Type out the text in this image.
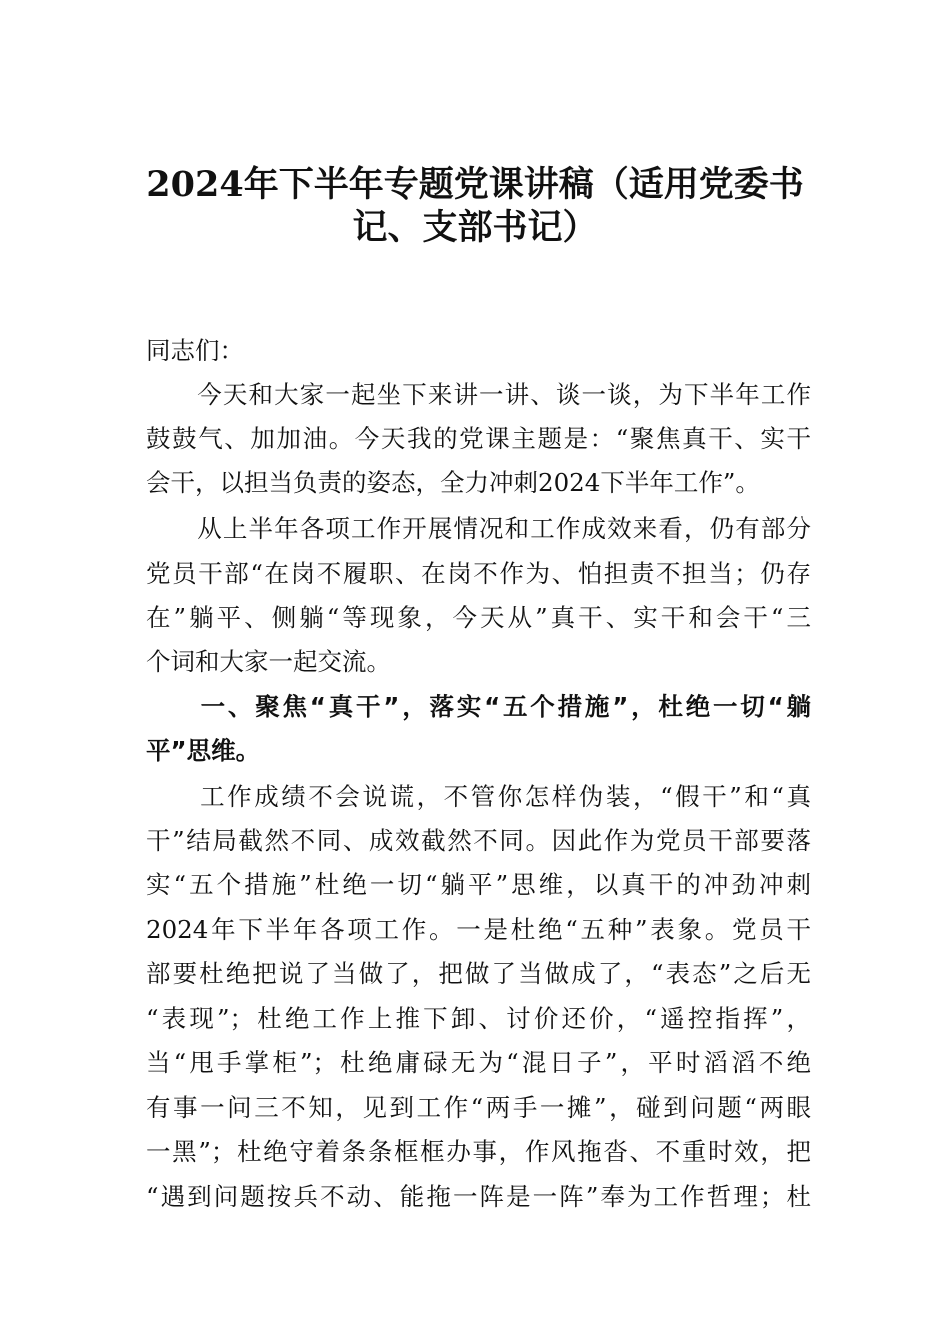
2024年下半年专题党课讲稿（适用党委书
记、支部书记）

同志们：

　　今天和大家一起坐下来讲一讲、谈一谈，为下半年工作

鼓鼓气、加加油。今天我的党课主题是：“聚焦真干、实干

会干，以担当负责的姿态，全力冲刺2024下半年工作”。

　　从上半年各项工作开展情况和工作成效来看，仍有部分

党员干部“在岗不履职、在岗不作为、怕担责不担当；仍存

在”躺平、侧躺“等现象，今天从”真干、实干和会干“三

个词和大家一起交流。

　　一、聚焦“真干”，落实“五个措施”，杜绝一切“躺

平”思维。

　　工作成绩不会说谎，不管你怎样伪装，“假干”和“真

干”结局截然不同、成效截然不同。因此作为党员干部要落

实“五个措施”杜绝一切“躺平”思维，以真干的冲劲冲刺

2024年下半年各项工作。一是杜绝“五种”表象。党员干

部要杜绝把说了当做了，把做了当做成了，“表态”之后无

“表现”；杜绝工作上推下卸、讨价还价，“遥控指挥”，

当“甩手掌柜”；杜绝庸碌无为“混日子”，平时滔滔不绝

有事一问三不知，见到工作“两手一摊”，碰到问题“两眼

一黑”；杜绝守着条条框框办事，作风拖沓、不重时效，把

“遇到问题按兵不动、能拖一阵是一阵”奉为工作哲理；杜
